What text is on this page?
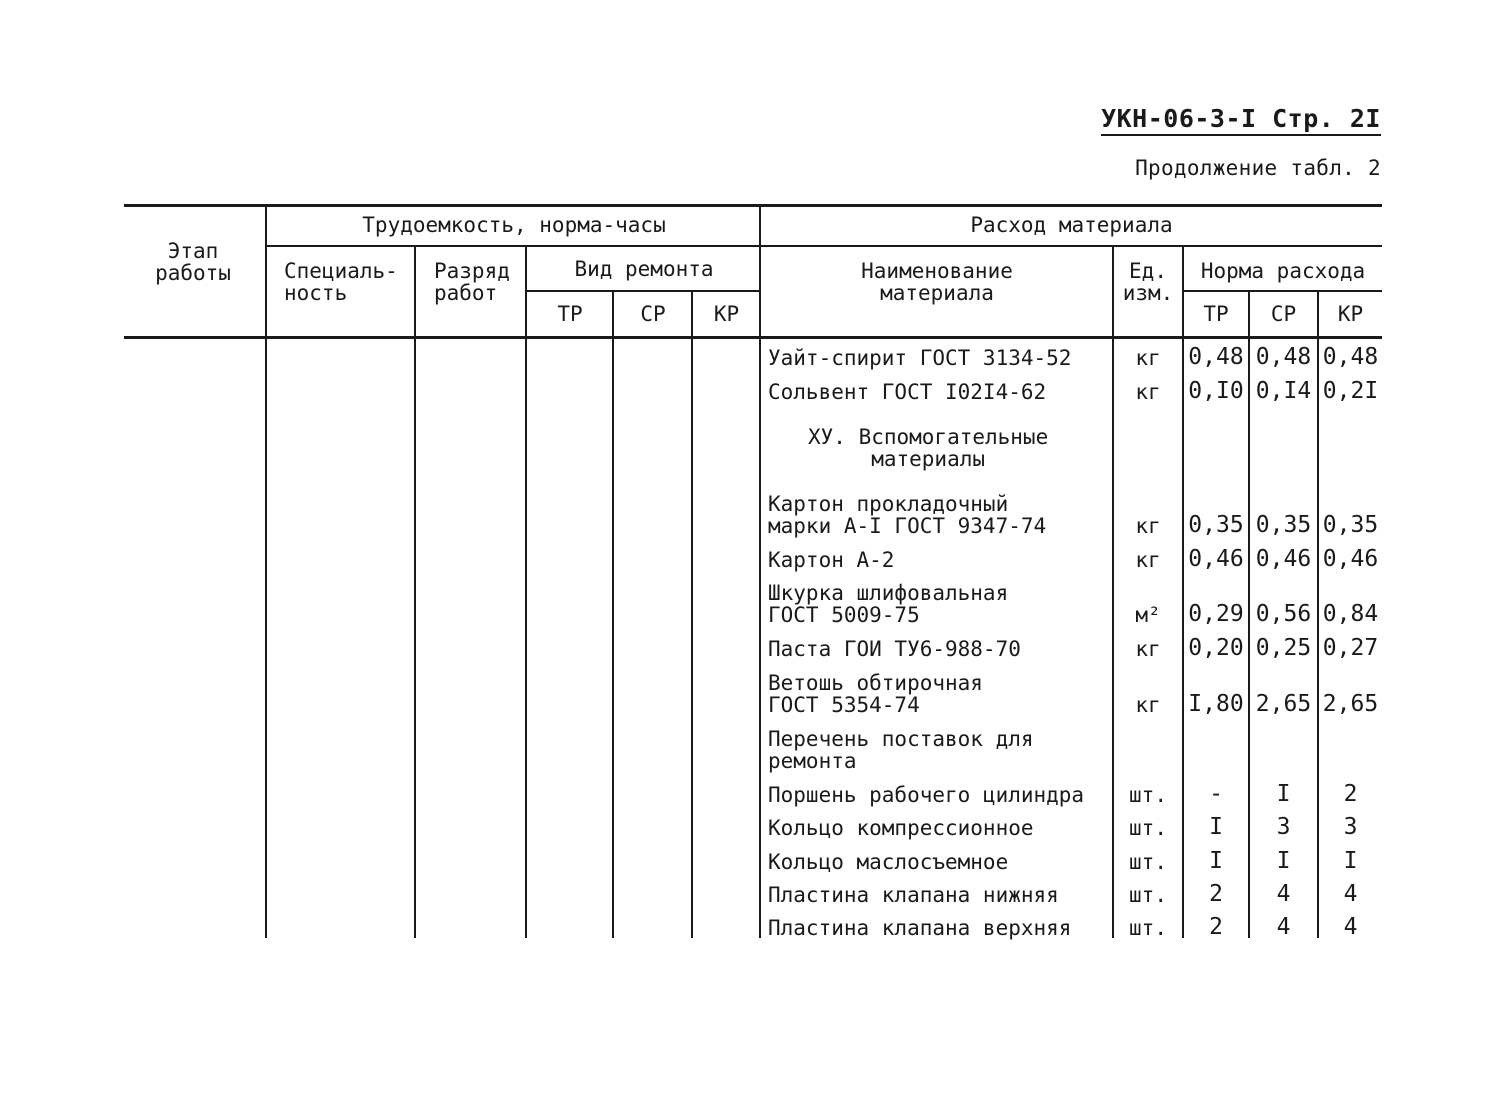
УКН-06-3-I Стр. 2I
Продолжение табл. 2
Этап
работы
Трудоемкость, норма-часы
Специаль-
ность
Разряд
работ
Вид ремонта
ТР	СР	КР
Расход материала
Наименование
материала
Ед.
изм.
Норма расхода
ТР	СР	КР
Уайт-спирит ГОСТ 3134-52	кг	0,48 0,48 0,48
Сольвент ГОСТ I02I4-62	кг	0,I0 0,I4 0,2I
ХУ. Вспомогательные
материалы
Картон прокладочный
марки А-I ГОСТ 9347-74	кг	0,35 0,35 0,35
Картон А-2	кг	0,46 0,46 0,46
Шкурка шлифовальная
ГОСТ 5009-75	м²	0,29 0,56 0,84
Паста ГОИ ТУ6-988-70	кг	0,20 0,25 0,27
Ветошь обтирочная
ГОСТ 5354-74	кг	I,80 2,65 2,65
Перечень поставок для
ремонта
Поршень рабочего цилиндра	шт.	-	I	2
Кольцо компрессионное	шт.	I	3	3
Кольцо маслосъемное	шт.	I	I	I
Пластина клапана нижняя	шт.	2	4	4
Пластина клапана верхняя	шт.	2	4	4
